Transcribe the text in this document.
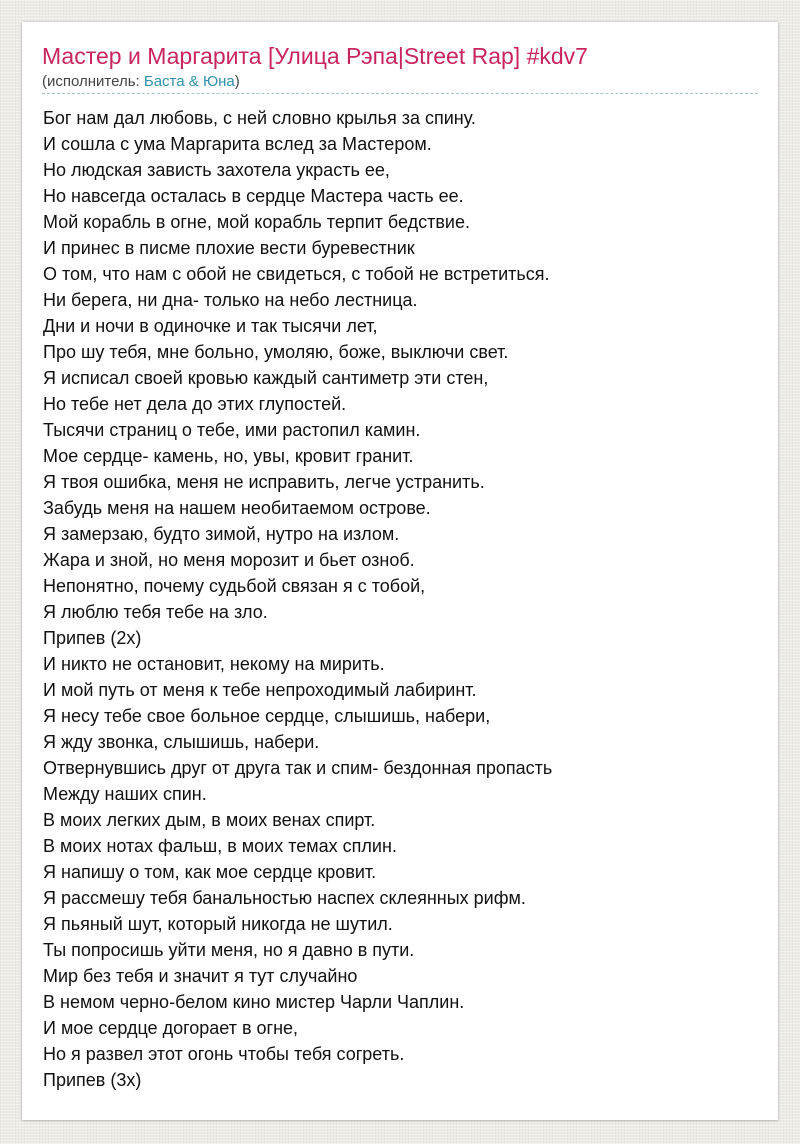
Мастер и Маргарита [Улица Рэпа|Street Rap] #kdv7
(исполнитель: Баста & Юна)
Бог нам дал любовь, с ней словно крылья за спину.
И сошла с ума Маргарита вслед за Мастером.
Но людская зависть захотела украсть ее,
Но навсегда осталась в сердце Мастера часть ее.
Мой корабль в огне, мой корабль терпит бедствие.
И принес в писме плохие вести буревестник
О том, что нам с обой не свидеться, с тобой не встретиться.
Ни берега, ни дна- только на небо лестница.
Дни и ночи в одиночке и так тысячи лет,
Про шу тебя, мне больно, умоляю, боже, выключи свет.
Я исписал своей кровью каждый сантиметр эти стен,
Но тебе нет дела до этих глупостей.
Тысячи страниц о тебе, ими растопил камин.
Мое сердце- камень, но, увы, кровит гранит.
Я твоя ошибка, меня не исправить, легче устранить.
Забудь меня на нашем необитаемом острове.
Я замерзаю, будто зимой, нутро на излом.
Жара и зной, но меня морозит и бьет озноб.
Непонятно, почему судьбой связан я с тобой,
Я люблю тебя тебе на зло.
Припев (2х)
И никто не остановит, некому на мирить.
И мой путь от меня к тебе непроходимый лабиринт.
Я несу тебе свое больное сердце, слышишь, набери,
Я жду звонка, слышишь, набери.
Отвернувшись друг от друга так и спим- бездонная пропасть
Между наших спин.
В моих легких дым, в моих венах спирт.
В моих нотах фальш, в моих темах сплин.
Я напишу о том, как мое сердце кровит.
Я рассмешу тебя банальностью наспех склеянных рифм.
Я пьяный шут, который никогда не шутил.
Ты попросишь уйти меня, но я давно в пути.
Мир без тебя и значит я тут случайно
В немом черно-белом кино мистер Чарли Чаплин.
И мое сердце догорает в огне,
Но я развел этот огонь чтобы тебя согреть.
Припев (3х)
